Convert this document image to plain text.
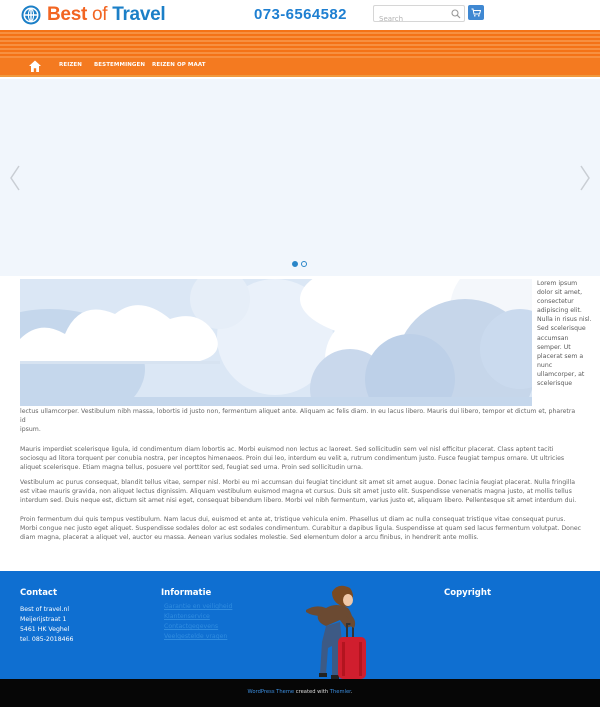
Best of Travel	073-6564582
Search
REIZEN BESTEMMINGEN REIZEN OP MAAT
Lorem ipsum dolor sit amet, consectetur adipiscing elit. Nulla in risus nisl. Sed scelerisque accumsan semper. Ut placerat sem a nunc ullamcorper, at scelerisque
lectus ullamcorper. Vestibulum nibh massa, lobortis id justo non, fermentum aliquet ante. Aliquam ac felis diam. In eu lacus libero. Mauris dui libero, tempor et dictum et, pharetra id
ipsum.
Mauris imperdiet scelerisque ligula, id condimentum diam lobortis ac. Morbi euismod non lectus ac laoreet. Sed sollicitudin sem vel nisl efficitur placerat. Class aptent taciti sociosqu ad litora torquent per conubia nostra, per inceptos himenaeos. Proin dui leo, interdum eu velit a, rutrum condimentum justo. Fusce feugiat tempus ornare. Ut ultricies aliquet scelerisque. Etiam magna tellus, posuere vel porttitor sed, feugiat sed urna. Proin sed sollicitudin urna.
Vestibulum ac purus consequat, blandit tellus vitae, semper nisl. Morbi eu mi accumsan dui feugiat tincidunt sit amet sit amet augue. Donec lacinia feugiat placerat. Nulla fringilla est vitae mauris gravida, non aliquet lectus dignissim. Aliquam vestibulum euismod magna et cursus. Duis sit amet justo elit. Suspendisse venenatis magna justo, at mollis tellus interdum sed. Duis neque est, dictum sit amet nisi eget, consequat bibendum libero. Morbi vel nibh fermentum, varius justo et, aliquam libero. Pellentesque sit amet interdum dui.
Proin fermentum dui quis tempus vestibulum. Nam lacus dui, euismod et ante at, tristique vehicula enim. Phasellus ut diam ac nulla consequat tristique vitae consequat purus. Morbi congue nec justo eget aliquet. Suspendisse sodales dolor ac est sodales condimentum. Curabitur a dapibus ligula. Suspendisse at quam sed lacus fermentum volutpat. Donec diam magna, placerat a aliquet vel, auctor eu massa. Aenean varius sodales molestie. Sed elementum dolor a arcu finibus, in hendrerit ante mollis.
Contact
Best of travel.nl
Meijerijstraat 1
5461 HK Veghel
tel. 085-2018466
Informatie
Garantie en veiligheid
Klantenservice
Contactgegevens
Veelgestelde vragen
Copyright
WordPress Theme created with Themler.
